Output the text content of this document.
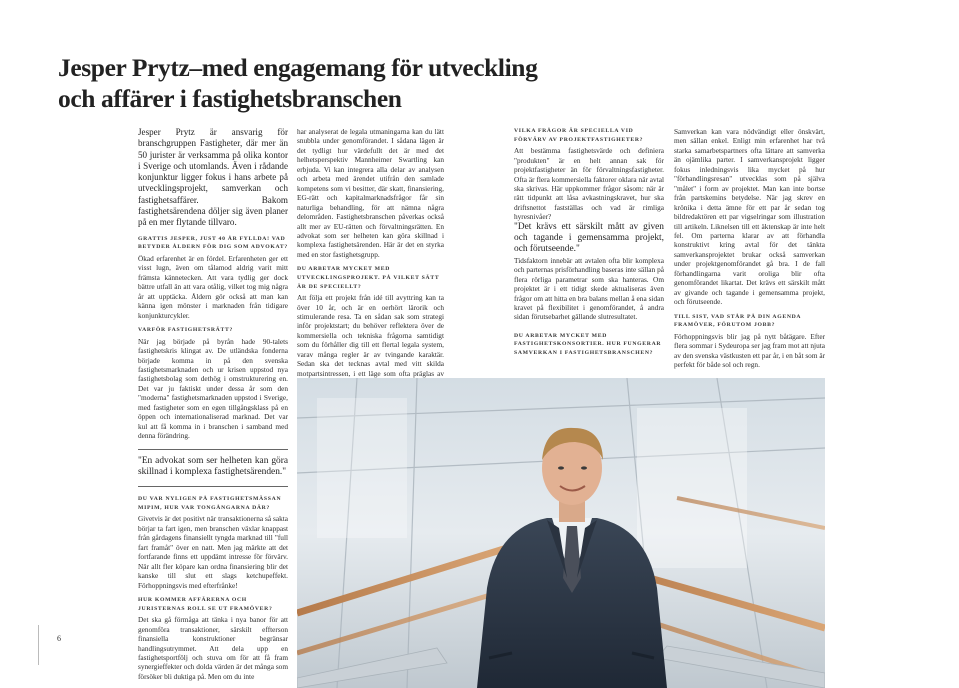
Jesper Prytz–med engagemang för utveckling och affärer i fastighetsbranschen

Jesper Prytz är ansvarig för branschgruppen Fastigheter, där mer än 50 jurister är verksamma på olika kontor i Sverige och utomlands. Även i rådande konjunktur ligger fokus i hans arbete på utvecklingsprojekt, samverkan och fastighetsaffärer. Bakom fastighetsärendena döljer sig även planer på en mer flytande tillvaro.

GRATTIS JESPER, JUST 40 ÅR FYLLDA! VAD BETYDER ÅLDERN FÖR DIG SOM ADVOKAT?

Ökad erfarenhet är en fördel. Erfarenheten ger ett visst lugn, även om tålamod aldrig varit mitt främsta kännetecken. Att vara tydlig ger dock bättre utfall än att vara otålig, vilket tog mig några år att upptäcka. Åldern gör också att man kan känna igen mönster i marknaden från tidigare konjunkturcykler.

VARFÖR FASTIGHETSRÄTT?

När jag började på byrån hade 90-talets fastighetskris klingat av. De utländska fonderna började komma in på den svenska fastighetsmarknaden och ur krisen uppstod nya fastighetsbolag som dethög i omstrukturering en. Det var ju faktiskt under dessa år som den "moderna" fastighetsmarknaden uppstod i Sverige, med fastigheter som en egen tillgångsklass på en öppen och internationaliserad marknad. Det var kul att få komma in i branschen i samband med denna förändring.

"En advokat som ser helheten kan göra skillnad i komplexa fastighetsärenden."

DU VAR NYLIGEN PÅ FASTIGHETSMÄSSAN MIPIM, HUR VAR TONGÅNGARNA DÄR?

Givetvis är det positivt när transaktionerna så sakta börjar ta fart igen, men branschen växlar knappast från gårdagens finansiellt tyngda marknad till "full fart framåt" över en natt. Men jag märkte att det fortfarande finns ett uppdämt intresse för förvärv. När allt fler köpare kan ordna finansiering blir det kanske till slut ett slags ketchupeffekt. Förhoppningsvis med efterfrånke!

HUR KOMMER AFFÄRERNA OCH JURISTERNAS ROLL SE UT FRAMÖVER?

Det ska gå förmåga att tänka i nya banor för att genomföra transaktioner, särskilt effterson finansiella konstruktioner begränsar handlingsutrymmet. Att dela upp en fastighetsportfölj och stuva om för att få fram synergieffekter och dolda värden är det många som försöker bli duktiga på. Men om du inte

har analyserat de legala utmaningarna kan du lätt snubbla under genomförandet. I sådana lägen är det tydligt hur värdefullt det är med det helhetsperspektiv Mannheimer Swartling kan erbjuda. Vi kan integrera alla delar av analysen och arbeta med ärendet utifrån den samlade kompetens som vi besitter, där skatt, finansiering, EG-rätt och kapitalmarknadsfrågor får sin naturliga behandling, för att nämna några delområden. Fastighetsbranschen påverkas också allt mer av EU-rätten och förvaltningsrätten. En advokat som ser helheten kan göra skillnad i komplexa fastighetsärenden. Här är det en styrka med en stor fastighetsgrupp.

DU ARBETAR MYCKET MED UTVECKLINGSPROJEKT. PÅ VILKET SÄTT ÄR DE SPECIELLT?

Att följa ett projekt från idé till avyttring kan ta över 10 år, och är en oerhört lärorik och stimulerande resa. Ta en sådan sak som strategi inför projektstart; du behöver reflektera över de kommersiella och tekniska frågorna samtidigt som du förhåller dig till ett flertal legala system, varav många regler är av tvingande karaktär. Sedan ska det tecknas avtal med vitt skilda motpartsintressen, i ett läge som ofta präglas av

VILKA FRÅGOR ÄR SPECIELLA VID FÖRVÄRV AV PROJEKTFASTIGHETER?

Att bestämma fastighetsvärde och definiera "produkten" är en helt annan sak för projektfastigheter än för förvaltningsfastigheter. Ofta är flera kommersiella faktorer oklara när avtal ska skrivas. Här uppkommer frågor såsom: när är rätt tidpunkt att låsa avkastningskravet, hur ska driftsnettot fastställas och vad är rimliga hyresnivåer?

"Det krävs ett särskilt mått av given och tagande i gemensamma projekt, och förutseende."

Tidsfaktorn innebär att avtalen ofta blir komplexa och parternas prisförhandling baseras inte sällan på flera rörliga parametrar som ska hanteras. Om projektet är i ett tidigt skede aktualiseras även frågor om att hitta en bra balans mellan å ena sidan kravet på flexibilitet i genomförandet, å andra sidan förutsebarhet gällande slutresultatet.

DU ARBETAR MYCKET MED FASTIGHETSKONSORTIER. HUR FUNGERAR SAMVERKAN I FASTIGHETSBRANSCHEN?

Samverkan kan vara nödvändigt eller önskvärt, men sällan enkel. Enligt min erfarenhet har två starka samarbetspartners ofta lättare att samverka än ojämlika parter. I samverkansprojekt ligger fokus inledningsvis lika mycket på hur "förhandlingsresan" utvecklas som på själva "målet" i form av projektet. Man kan inte bortse från partskemins betydelse. När jag skrev en krönika i detta ämne för ett par år sedan tog bildredaktören ett par vigselringar som illustration till artikeln. Liknelsen till ett äktenskap är inte helt fel. Om parterna klarar av att förhandla konstruktivt kring avtal för det tänkta samverkansprojektet brukar också samverkan under projektgenomförandet gå bra. I de fall förhandlingarna varit oroliga blir ofta genomförandet likartat. Det krävs ett särskilt mått av givande och tagande i gemensamma projekt, och förutseende.

TILL SIST, VAD STÅR PÅ DIN AGENDA FRAMÖVER, FÖRUTOM JOBB?

Förhoppningsvis blir jag på nytt båtägare. Efter flera sommar i Sydeuropa ser jag fram mot att njuta av den svenska västkusten ett par år, i en båt som är perfekt för både sol och regn.

6
